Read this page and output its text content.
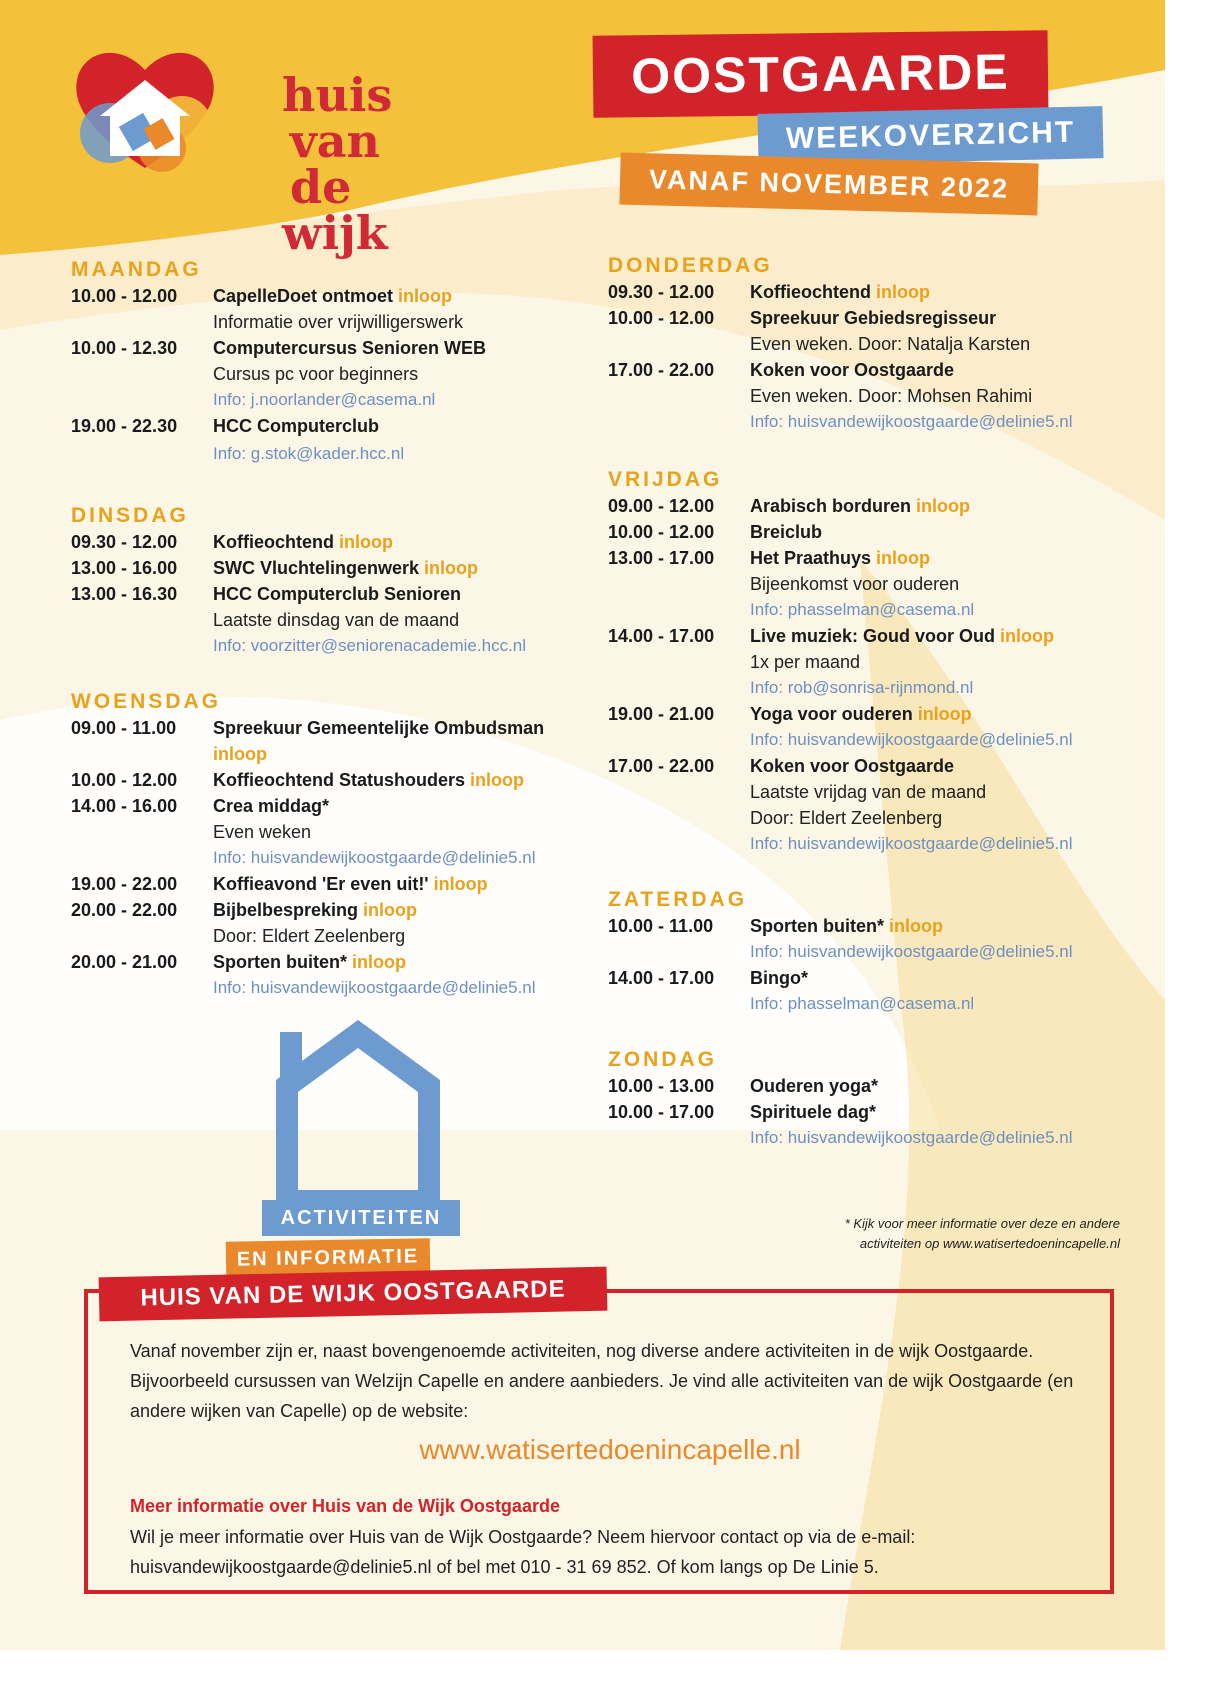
huis
van de
wijk
OOSTGAARDE
WEEKOVERZICHT
VANAF NOVEMBER 2022
MAANDAG
10.00 - 12.00	CapelleDoet ontmoet inloop
Informatie over vrijwilligerswerk
10.00 - 12.30	Computercursus Senioren WEB
Cursus pc voor beginners
Info: j.noorlander@casema.nl
19.00 - 22.30	HCC Computerclub
Info: g.stok@kader.hcc.nl
DINSDAG
09.30 - 12.00	Koffieochtend inloop
13.00 - 16.00	SWC Vluchtelingenwerk inloop
13.00 - 16.30	HCC Computerclub Senioren
Laatste dinsdag van de maand
Info: voorzitter@seniorenacademie.hcc.nl
WOENSDAG
09.00 - 11.00	Spreekuur Gemeentelijke Ombudsman
inloop
10.00 - 12.00	Koffieochtend Statushouders inloop
14.00 - 16.00	Crea middag*
Even weken
Info: huisvandewijkoostgaarde@delinie5.nl
19.00 - 22.00	Koffieavond 'Er even uit!' inloop
20.00 - 22.00	Bijbelbespreking inloop
Door: Eldert Zeelenberg
20.00 - 21.00	Sporten buiten* inloop
Info: huisvandewijkoostgaarde@delinie5.nl
DONDERDAG
09.30 - 12.00	Koffieochtend inloop
10.00 - 12.00	Spreekuur Gebiedsregisseur
Even weken. Door: Natalja Karsten
17.00 - 22.00	Koken voor Oostgaarde
Even weken. Door: Mohsen Rahimi
Info: huisvandewijkoostgaarde@delinie5.nl
VRIJDAG
09.00 - 12.00	Arabisch borduren inloop
10.00 - 12.00	Breiclub
13.00 - 17.00	Het Praathuys inloop
Bijeenkomst voor ouderen
Info: phasselman@casema.nl
14.00 - 17.00	Live muziek: Goud voor Oud inloop
1x per maand
Info: rob@sonrisa-rijnmond.nl
19.00 - 21.00	Yoga voor ouderen inloop
Info: huisvandewijkoostgaarde@delinie5.nl
17.00 - 22.00	Koken voor Oostgaarde
Laatste vrijdag van de maand
Door: Eldert Zeelenberg
Info: huisvandewijkoostgaarde@delinie5.nl
ZATERDAG
10.00 - 11.00	Sporten buiten* inloop
Info: huisvandewijkoostgaarde@delinie5.nl
14.00 - 17.00	Bingo*
Info: phasselman@casema.nl
ZONDAG
10.00 - 13.00	Ouderen yoga*
10.00 - 17.00	Spirituele dag*
Info: huisvandewijkoostgaarde@delinie5.nl
ACTIVITEITEN
EN INFORMATIE
* Kijk voor meer informatie over deze en andere activiteiten op www.watisertedoenincapelle.nl
HUIS VAN DE WIJK OOSTGAARDE
Vanaf november zijn er, naast bovengenoemde activiteiten, nog diverse andere activiteiten in de wijk Oostgaarde. Bijvoorbeeld cursussen van Welzijn Capelle en andere aanbieders. Je vind alle activiteiten van de wijk Oostgaarde (en andere wijken van Capelle) op de website:
www.watisertedoenincapelle.nl
Meer informatie over Huis van de Wijk Oostgaarde
Wil je meer informatie over Huis van de Wijk Oostgaarde? Neem hiervoor contact op via de e-mail: huisvandewijkoostgaarde@delinie5.nl of bel met 010 - 31 69 852. Of kom langs op De Linie 5.
